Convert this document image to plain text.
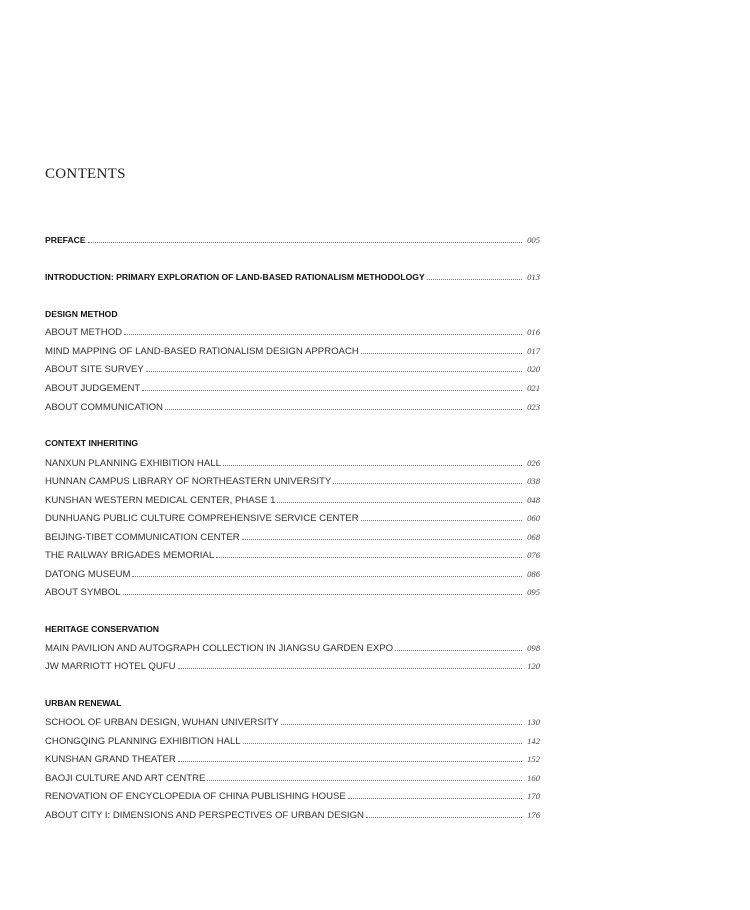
CONTENTS
PREFACE	005
INTRODUCTION: PRIMARY EXPLORATION OF LAND-BASED RATIONALISM METHODOLOGY	013
DESIGN METHOD
ABOUT METHOD	016
MIND MAPPING OF LAND-BASED RATIONALISM DESIGN APPROACH	017
ABOUT SITE SURVEY	020
ABOUT JUDGEMENT	021
ABOUT COMMUNICATION	023
CONTEXT INHERITING
NANXUN PLANNING EXHIBITION HALL	026
HUNNAN CAMPUS LIBRARY OF NORTHEASTERN UNIVERSITY	038
KUNSHAN WESTERN MEDICAL CENTER, PHASE 1	048
DUNHUANG PUBLIC CULTURE COMPREHENSIVE SERVICE CENTER	060
BEIJING-TIBET COMMUNICATION CENTER	068
THE RAILWAY BRIGADES MEMORIAL	076
DATONG MUSEUM	086
ABOUT SYMBOL	095
HERITAGE CONSERVATION
MAIN PAVILION AND AUTOGRAPH COLLECTION IN JIANGSU GARDEN EXPO	098
JW MARRIOTT HOTEL QUFU	120
URBAN RENEWAL
SCHOOL OF URBAN DESIGN, WUHAN UNIVERSITY	130
CHONGQING PLANNING EXHIBITION HALL	142
KUNSHAN GRAND THEATER	152
BAOJI CULTURE AND ART CENTRE	160
RENOVATION OF ENCYCLOPEDIA OF CHINA PUBLISHING HOUSE	170
ABOUT CITY I: DIMENSIONS AND PERSPECTIVES OF URBAN DESIGN	176
